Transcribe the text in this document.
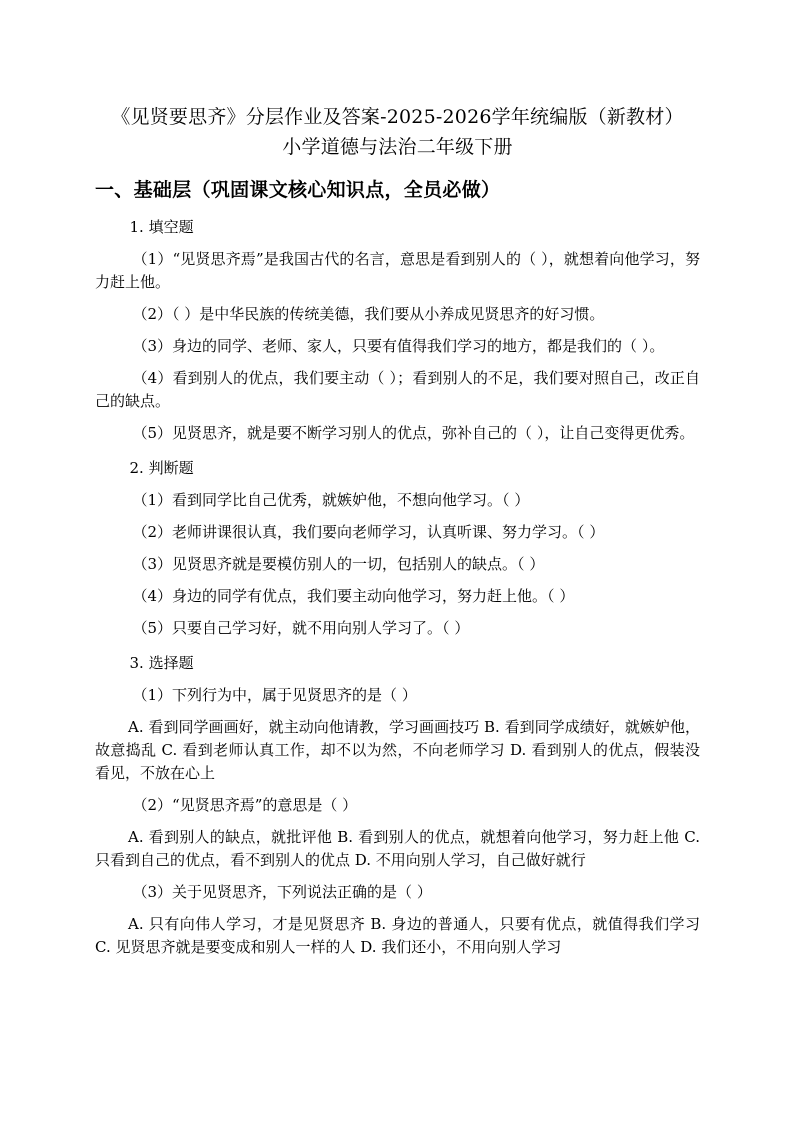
《见贤要思齐》分层作业及答案-2025-2026学年统编版（新教材）

小学道德与法治二年级下册

一、基础层（巩固课文核心知识点，全员必做）

1. 填空题

（1）“见贤思齐焉”是我国古代的名言，意思是看到别人的（ ），就想着向他学习，努力赶上他。

（2）（ ）是中华民族的传统美德，我们要从小养成见贤思齐的好习惯。

（3）身边的同学、老师、家人，只要有值得我们学习的地方，都是我们的（ ）。

（4）看到别人的优点，我们要主动（ ）；看到别人的不足，我们要对照自己，改正自己的缺点。

（5）见贤思齐，就是要不断学习别人的优点，弥补自己的（ ），让自己变得更优秀。

2. 判断题

（1）看到同学比自己优秀，就嫉妒他，不想向他学习。（ ）

（2）老师讲课很认真，我们要向老师学习，认真听课、努力学习。（ ）

（3）见贤思齐就是要模仿别人的一切，包括别人的缺点。（ ）

（4）身边的同学有优点，我们要主动向他学习，努力赶上他。（ ）

（5）只要自己学习好，就不用向别人学习了。（ ）

3. 选择题

（1）下列行为中，属于见贤思齐的是（ ）

A. 看到同学画画好，就主动向他请教，学习画画技巧 B. 看到同学成绩好，就嫉妒他，故意捣乱 C. 看到老师认真工作，却不以为然，不向老师学习 D. 看到别人的优点，假装没看见，不放在心上

（2）“见贤思齐焉”的意思是（ ）

A. 看到别人的缺点，就批评他 B. 看到别人的优点，就想着向他学习，努力赶上他 C. 只看到自己的优点，看不到别人的优点 D. 不用向别人学习，自己做好就行

（3）关于见贤思齐，下列说法正确的是（ ）

A. 只有向伟人学习，才是见贤思齐 B. 身边的普通人，只要有优点，就值得我们学习 C. 见贤思齐就是要变成和别人一样的人 D. 我们还小，不用向别人学习
